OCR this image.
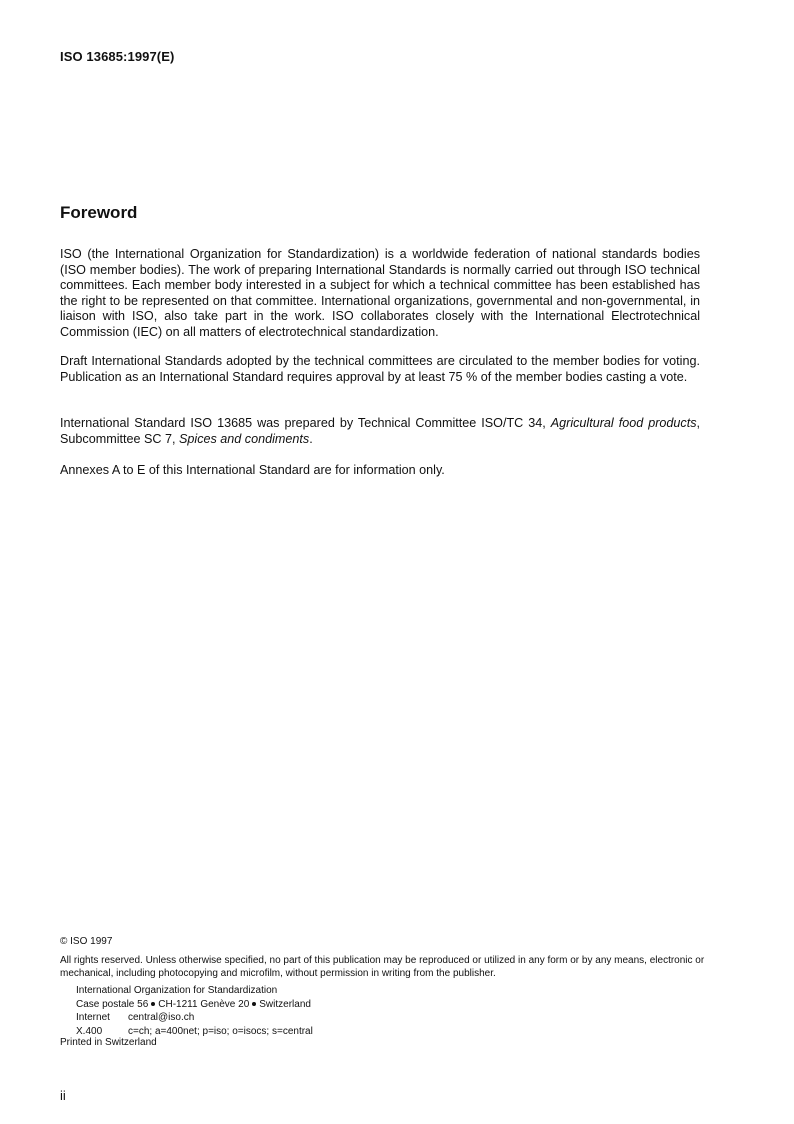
ISO 13685:1997(E)
Foreword
ISO (the International Organization for Standardization) is a worldwide federation of national standards bodies (ISO member bodies). The work of preparing International Standards is normally carried out through ISO technical committees. Each member body interested in a subject for which a technical committee has been established has the right to be represented on that committee. International organizations, governmental and non-governmental, in liaison with ISO, also take part in the work. ISO collaborates closely with the International Electrotechnical Commission (IEC) on all matters of electrotechnical standardization.
Draft International Standards adopted by the technical committees are circulated to the member bodies for voting. Publication as an International Standard requires approval by at least 75 % of the member bodies casting a vote.
International Standard ISO 13685 was prepared by Technical Committee ISO/TC 34, Agricultural food products, Subcommittee SC 7, Spices and condiments.
Annexes A to E of this International Standard are for information only.
© ISO 1997
All rights reserved. Unless otherwise specified, no part of this publication may be reproduced or utilized in any form or by any means, electronic or mechanical, including photocopying and microfilm, without permission in writing from the publisher.
International Organization for Standardization
Case postale 56 CH-1211 Genève 20 Switzerland
Internet	central@iso.ch
X.400	c=ch; a=400net; p=iso; o=isocs; s=central
Printed in Switzerland
ii
